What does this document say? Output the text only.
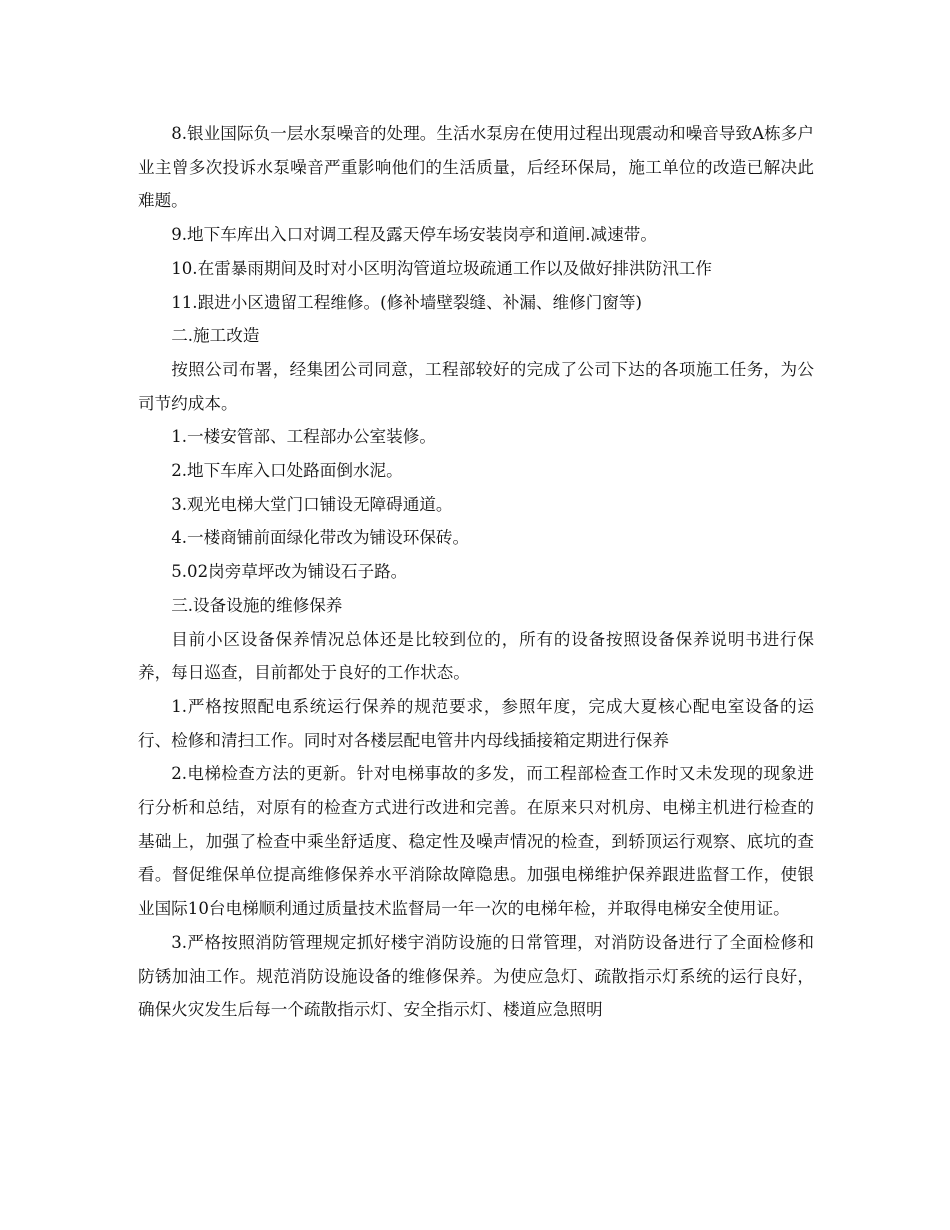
8.银业国际负一层水泵噪音的处理。生活水泵房在使用过程出现震动和噪音导致A栋多户业主曾多次投诉水泵噪音严重影响他们的生活质量，后经环保局，施工单位的改造已解决此难题。

9.地下车库出入口对调工程及露天停车场安装岗亭和道闸.减速带。

10.在雷暴雨期间及时对小区明沟管道垃圾疏通工作以及做好排洪防汛工作

11.跟进小区遗留工程维修。(修补墙壁裂缝、补漏、维修门窗等)

二.施工改造

按照公司布署，经集团公司同意，工程部较好的完成了公司下达的各项施工任务，为公司节约成本。

1.一楼安管部、工程部办公室装修。

2.地下车库入口处路面倒水泥。

3.观光电梯大堂门口铺设无障碍通道。

4.一楼商铺前面绿化带改为铺设环保砖。

5.02岗旁草坪改为铺设石子路。

三.设备设施的维修保养

目前小区设备保养情况总体还是比较到位的，所有的设备按照设备保养说明书进行保养，每日巡查，目前都处于良好的工作状态。

1.严格按照配电系统运行保养的规范要求，参照年度，完成大夏核心配电室设备的运行、检修和清扫工作。同时对各楼层配电管井内母线插接箱定期进行保养

2.电梯检查方法的更新。针对电梯事故的多发，而工程部检查工作时又未发现的现象进行分析和总结，对原有的检查方式进行改进和完善。在原来只对机房、电梯主机进行检查的基础上，加强了检查中乘坐舒适度、稳定性及噪声情况的检查，到轿顶运行观察、底坑的查看。督促维保单位提高维修保养水平消除故障隐患。加强电梯维护保养跟进监督工作，使银业国际10台电梯顺利通过质量技术监督局一年一次的电梯年检，并取得电梯安全使用证。

3.严格按照消防管理规定抓好楼宇消防设施的日常管理，对消防设备进行了全面检修和防锈加油工作。规范消防设施设备的维修保养。为使应急灯、疏散指示灯系统的运行良好，确保火灾发生后每一个疏散指示灯、安全指示灯、楼道应急照明
